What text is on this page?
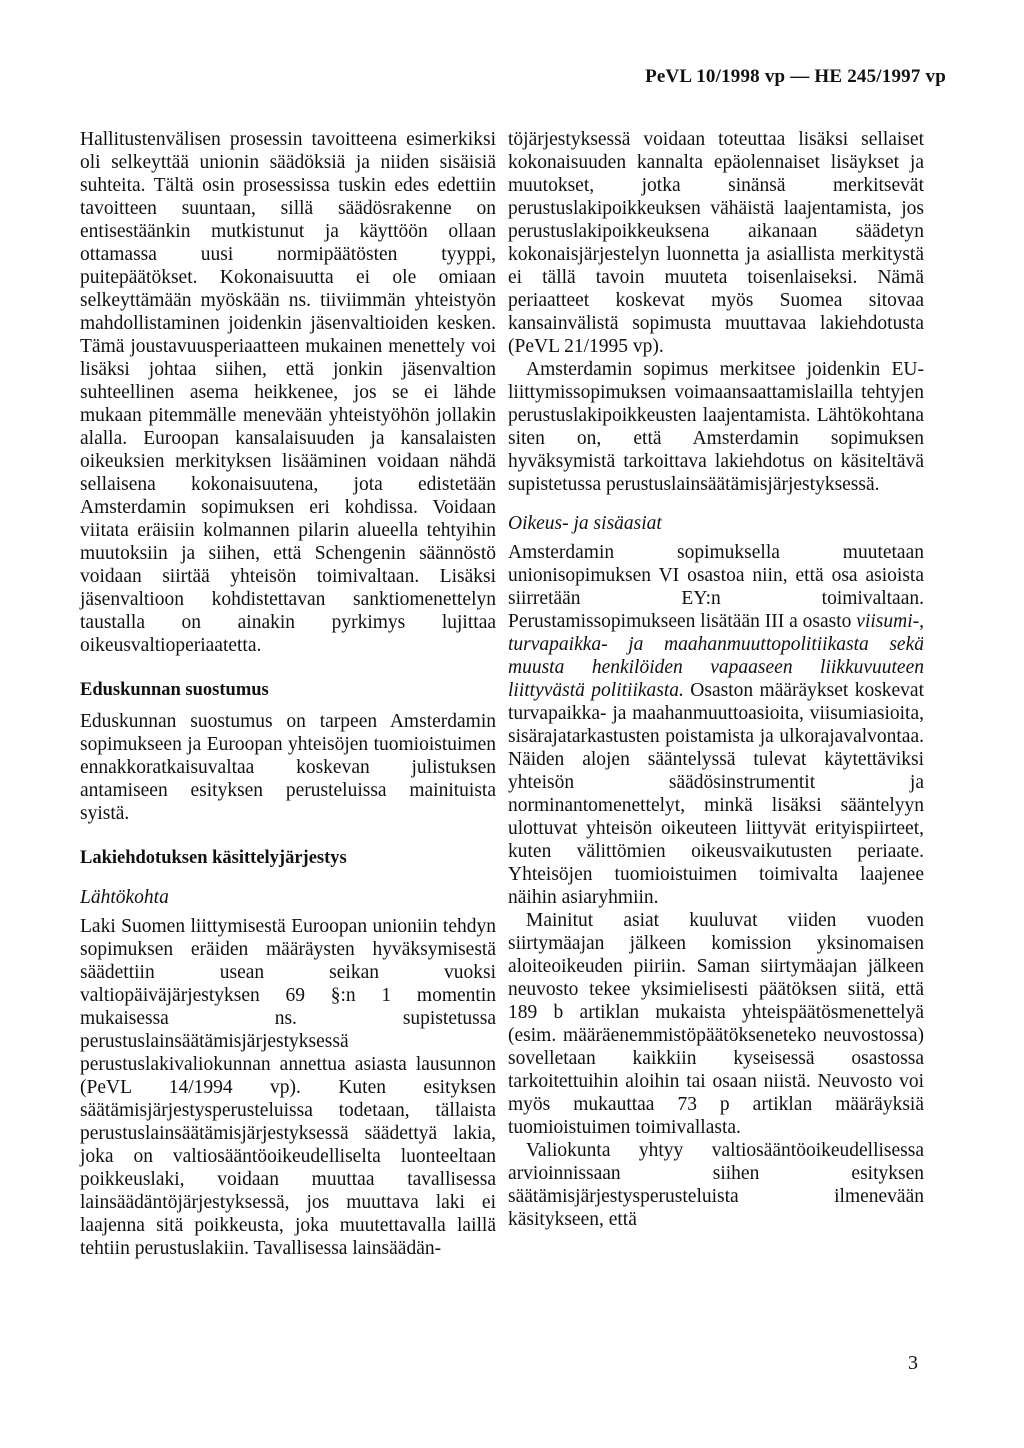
PeVL 10/1998 vp — HE 245/1997 vp

Hallitustenvälisen prosessin tavoitteena esimerkiksi oli selkeyttää unionin säädöksiä ja niiden sisäisiä suhteita. Tältä osin prosessissa tuskin edes edettiin tavoitteen suuntaan, sillä säädösrakenne on entisestäänkin mutkistunut ja käyttöön ollaan ottamassa uusi normipäätösten tyyppi, puitepäätökset. Kokonaisuutta ei ole omiaan selkeyttämään myöskään ns. tiiviimmän yhteistyön mahdollistaminen joidenkin jäsenvaltioiden kesken. Tämä joustavuusperiaatteen mukainen menettely voi lisäksi johtaa siihen, että jonkin jäsenvaltion suhteellinen asema heikkenee, jos se ei lähde mukaan pitemmälle menevään yhteistyöhön jollakin alalla. Euroopan kansalaisuuden ja kansalaisten oikeuksien merkityksen lisääminen voidaan nähdä sellaisena kokonaisuutena, jota edistetään Amsterdamin sopimuksen eri kohdissa. Voidaan viitata eräisiin kolmannen pilarin alueella tehtyihin muutoksiin ja siihen, että Schengenin säännöstö voidaan siirtää yhteisön toimivaltaan. Lisäksi jäsenvaltioon kohdistettavan sanktiomenettelyn taustalla on ainakin pyrkimys lujittaa oikeusvaltioperiaatetta.

Eduskunnan suostumus

Eduskunnan suostumus on tarpeen Amsterdamin sopimukseen ja Euroopan yhteisöjen tuomioistuimen ennakkoratkaisuvaltaa koskevan julistuksen antamiseen esityksen perusteluissa mainituista syistä.

Lakiehdotuksen käsittelyjärjestys
Lähtökohta

Laki Suomen liittymisestä Euroopan unioniin tehdyn sopimuksen eräiden määräysten hyväksymisestä säädettiin usean seikan vuoksi valtiopäiväjärjestyksen 69 §:n 1 momentin mukaisessa ns. supistetussa perustuslainsäätämisjärjestyksessä perustuslakivaliokunnan annettua asiasta lausunnon (PeVL 14/1994 vp). Kuten esityksen säätämisjärjestysperusteluissa todetaan, tällaista perustuslainsäätämisjärjestyksessä säädettyä lakia, joka on valtiosääntöoikeudelliselta luonteeltaan poikkeuslaki, voidaan muuttaa tavallisessa lainsäädäntöjärjestyksessä, jos muuttava laki ei laajenna sitä poikkeusta, joka muutettavalla laillä tehtiin perustuslakiin. Tavallisessa lainsäädän-

töjärjestyksessä voidaan toteuttaa lisäksi sellaiset kokonaisuuden kannalta epäolennaiset lisäykset ja muutokset, jotka sinänsä merkitsevät perustuslakipoikkeuksen vähäistä laajentamista, jos perustuslakipoikkeuksena aikanaan säädetyn kokonaisjärjestelyn luonnetta ja asiallista merkitystä ei tällä tavoin muuteta toisenlaiseksi. Nämä periaatteet koskevat myös Suomea sitovaa kansainvälistä sopimusta muuttavaa lakiehdotusta (PeVL 21/1995 vp).

Amsterdamin sopimus merkitsee joidenkin EU-liittymissopimuksen voimaansaattamislailla tehtyjen perustuslakipoikkeusten laajentamista. Lähtökohtana siten on, että Amsterdamin sopimuksen hyväksymistä tarkoittava lakiehdotus on käsiteltävä supistetussa perustuslainsäätämisjärjestyksessä.

Oikeus- ja sisäasiat

Amsterdamin sopimuksella muutetaan unionisopimuksen VI osastoa niin, että osa asioista siirretään EY:n toimivaltaan. Perustamissopimukseen lisätään III a osasto viisumi-, turvapaikka- ja maahanmuuttopolitiikasta sekä muusta henkilöiden vapaaseen liikkuvuuteen liittyvästä politiikasta. Osaston määräykset koskevat turvapaikka- ja maahanmuuttoasioita, viisumiasioita, sisärajatarkastusten poistamista ja ulkorajavalvontaa. Näiden alojen sääntelyssä tulevat käytettäviksi yhteisön säädösinstrumentit ja norminantomenettelyt, minkä lisäksi sääntelyyn ulottuvat yhteisön oikeuteen liittyvät erityispiirteet, kuten välittömien oikeusvaikutusten periaate. Yhteisöjen tuomioistuimen toimivalta laajenee näihin asiaryhmiin.

Mainitut asiat kuuluvat viiden vuoden siirtymäajan jälkeen komission yksinomaisen aloiteoikeuden piiriin. Saman siirtymäajan jälkeen neuvosto tekee yksimielisesti päätöksen siitä, että 189 b artiklan mukaista yhteispäätösmenettelyä (esim. määräenemmistöpäätökseneteko neuvostossa) sovelletaan kaikkiin kyseisessä osastossa tarkoitettuihin aloihin tai osaan niistä. Neuvosto voi myös mukauttaa 73 p artiklan määräyksiä tuomioistuimen toimivallasta.

Valiokunta yhtyy valtiosääntöoikeudellisessa arvioinnissaan siihen esityksen säätämisjärjestysperusteluista ilmenevään käsitykseen, että

3
